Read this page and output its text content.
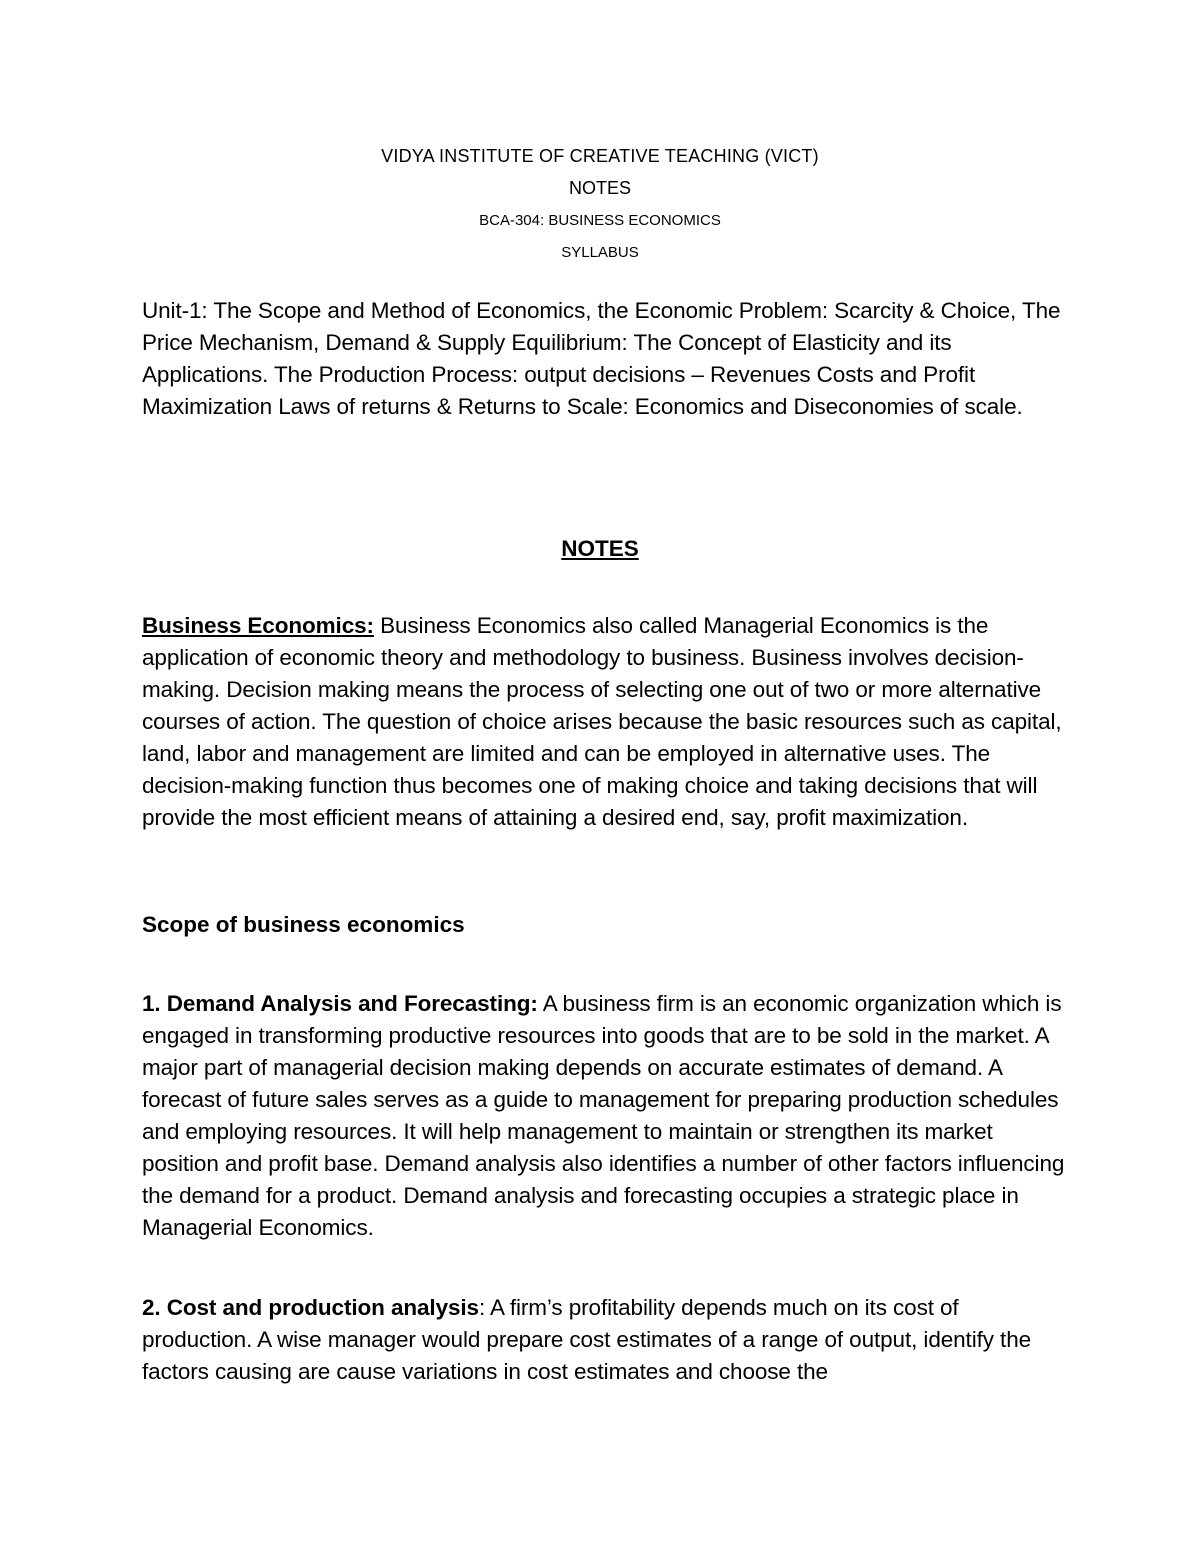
VIDYA INSTITUTE OF CREATIVE TEACHING (VICT)
NOTES
BCA-304: BUSINESS ECONOMICS
SYLLABUS

Unit-1: The Scope and Method of Economics, the Economic Problem: Scarcity & Choice, The Price Mechanism, Demand & Supply Equilibrium: The Concept of Elasticity and its Applications. The Production Process: output decisions – Revenues Costs and Profit Maximization Laws of returns & Returns to Scale: Economics and Diseconomies of scale.

NOTES

Business Economics: Business Economics also called Managerial Economics is the application of economic theory and methodology to business. Business involves decision-making. Decision making means the process of selecting one out of two or more alternative courses of action. The question of choice arises because the basic resources such as capital, land, labor and management are limited and can be employed in alternative uses. The decision-making function thus becomes one of making choice and taking decisions that will provide the most efficient means of attaining a desired end, say, profit maximization.

Scope of business economics

1. Demand Analysis and Forecasting: A business firm is an economic organization which is engaged in transforming productive resources into goods that are to be sold in the market. A major part of managerial decision making depends on accurate estimates of demand. A forecast of future sales serves as a guide to management for preparing production schedules and employing resources. It will help management to maintain or strengthen its market position and profit base. Demand analysis also identifies a number of other factors influencing the demand for a product. Demand analysis and forecasting occupies a strategic place in Managerial Economics.

2. Cost and production analysis: A firm’s profitability depends much on its cost of production. A wise manager would prepare cost estimates of a range of output, identify the factors causing are cause variations in cost estimates and choose the
